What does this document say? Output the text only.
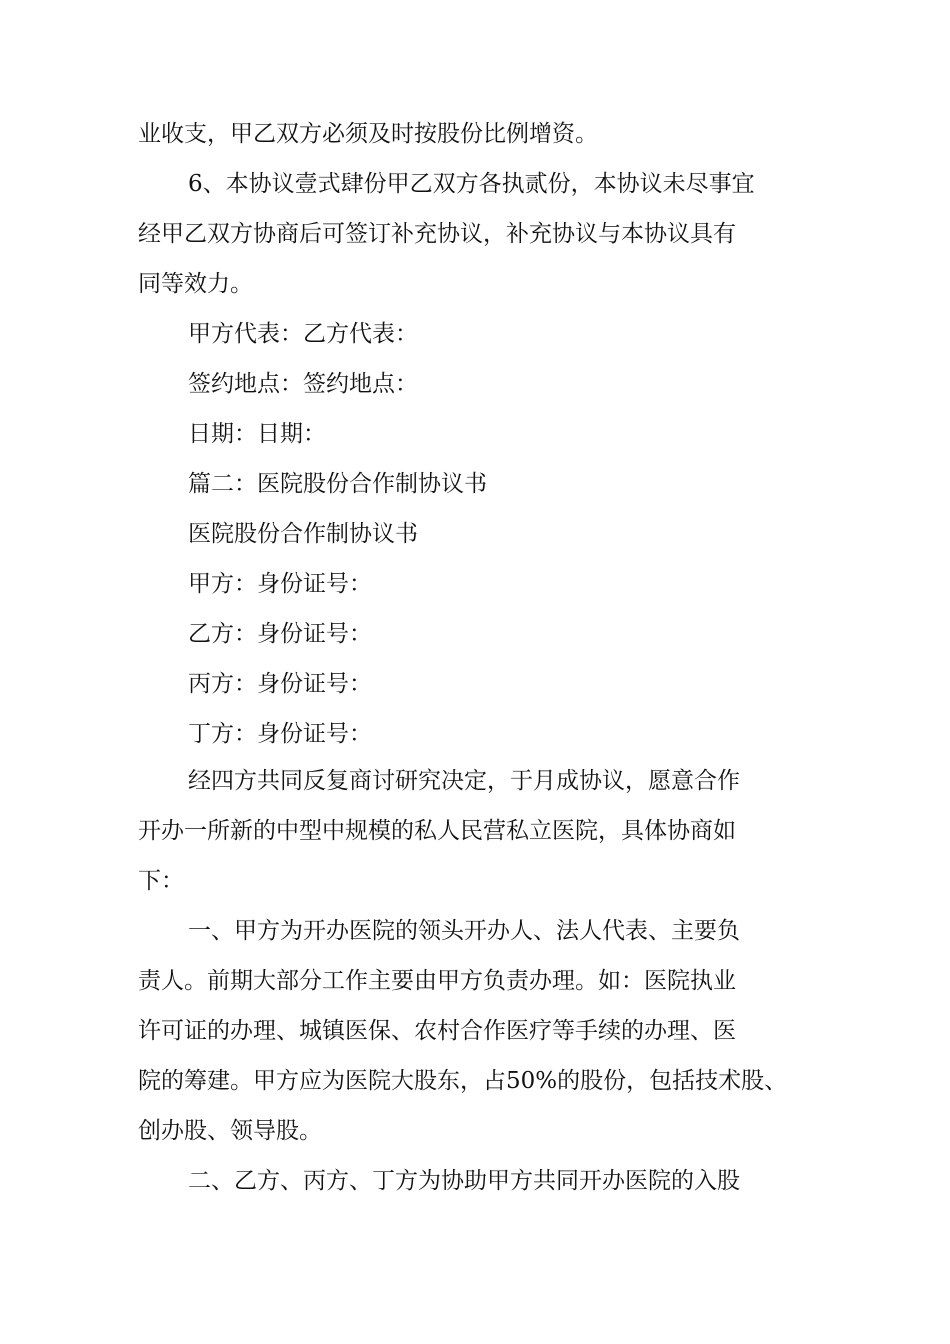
业收支，甲乙双方必须及时按股份比例增资。
6、本协议壹式肆份甲乙双方各执贰份，本协议未尽事宜
经甲乙双方协商后可签订补充协议，补充协议与本协议具有
同等效力。
甲方代表：乙方代表：
签约地点：签约地点：
日期：日期：
篇二：医院股份合作制协议书
医院股份合作制协议书
甲方：身份证号：
乙方：身份证号：
丙方：身份证号：
丁方：身份证号：
经四方共同反复商讨研究决定，于月成协议，愿意合作
开办一所新的中型中规模的私人民营私立医院，具体协商如
下：
一、甲方为开办医院的领头开办人、法人代表、主要负
责人。前期大部分工作主要由甲方负责办理。如：医院执业
许可证的办理、城镇医保、农村合作医疗等手续的办理、医
院的筹建。甲方应为医院大股东，占50%的股份，包括技术股、
创办股、领导股。
二、乙方、丙方、丁方为协助甲方共同开办医院的入股
